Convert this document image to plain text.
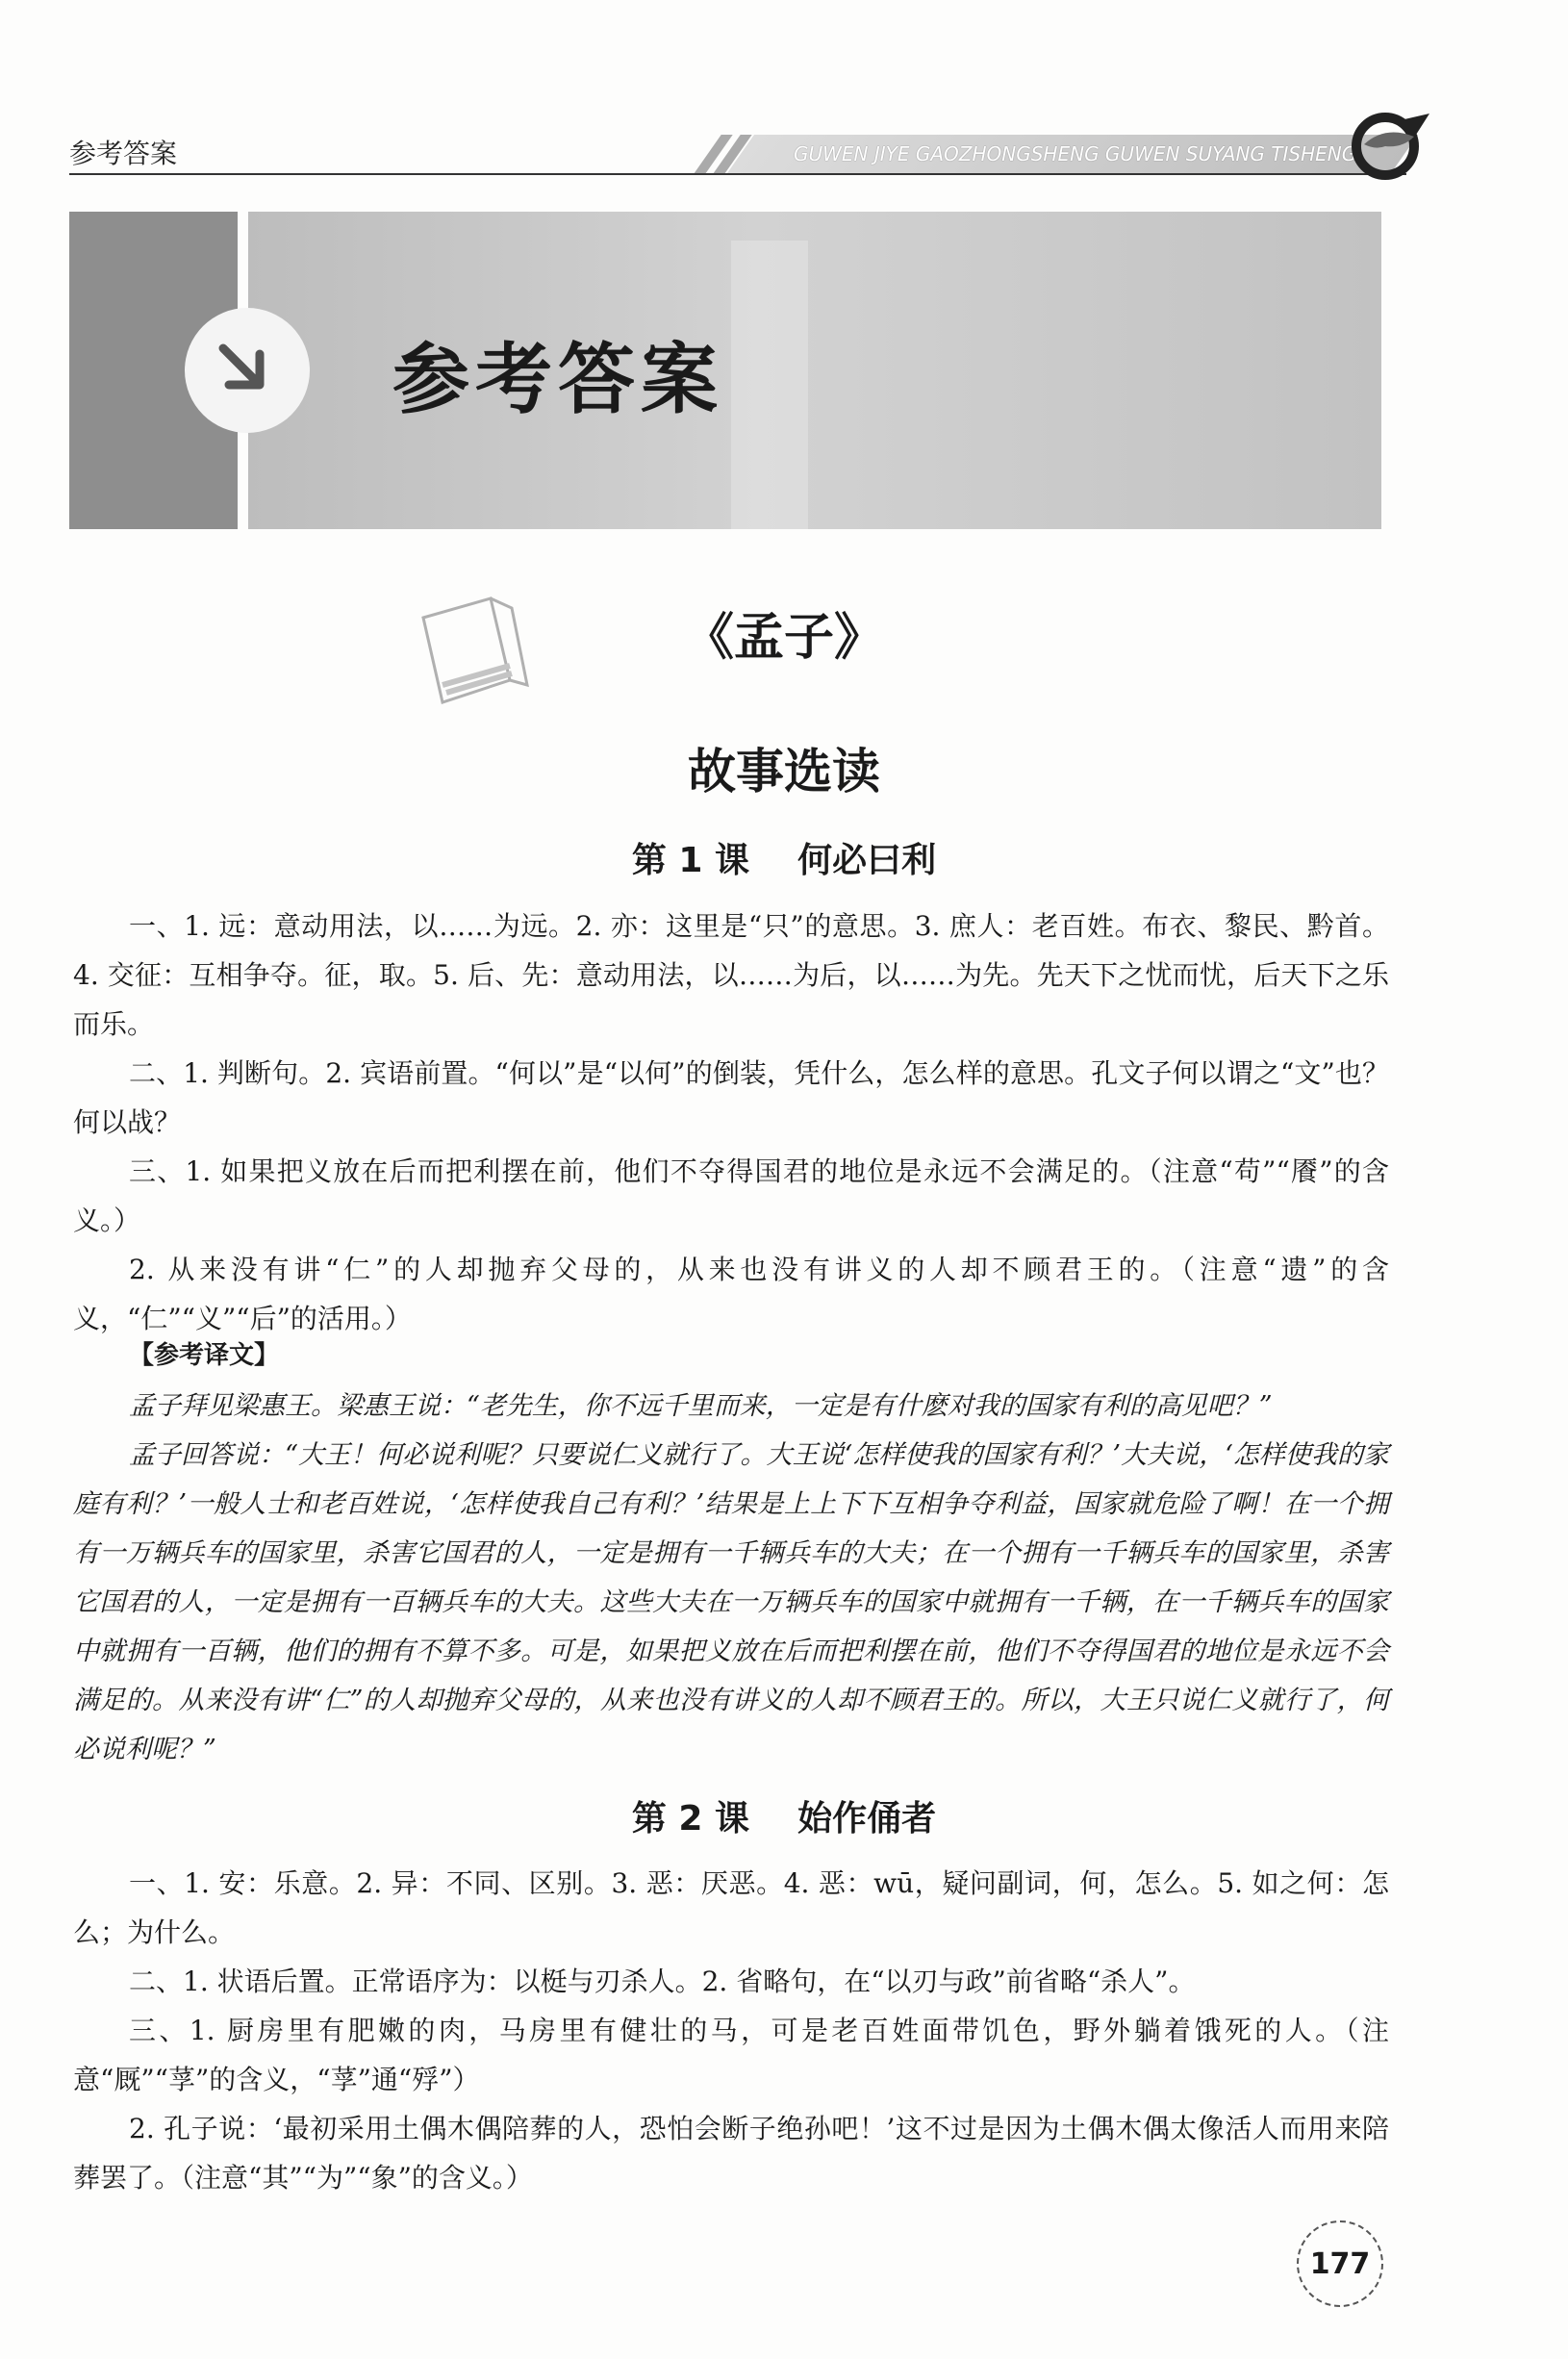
参考答案	GUWEN JIYE GAOZHONGSHENG GUWEN SUYANG TISHENG
参考答案
《孟子》
故事选读
第 1 课    何必曰利

一、1. 远：意动用法，以……为远。2. 亦：这里是“只”的意思。3. 庶人：老百姓。布衣、黎民、黔首。4. 交征：互相争夺。征，取。5. 后、先：意动用法，以……为后，以……为先。先天下之忧而忧，后天下之乐而乐。

二、1. 判断句。2. 宾语前置。“何以”是“以何”的倒装，凭什么，怎么样的意思。孔文子何以谓之“文”也？何以战？

三、1. 如果把义放在后而把利摆在前，他们不夺得国君的地位是永远不会满足的。（注意“苟”“餍”的含义。）

2. 从来没有讲“仁”的人却抛弃父母的，从来也没有讲义的人却不顾君王的。（注意“遗”的含义，“仁”“义”“后”的活用。）

【参考译文】

孟子拜见梁惠王。梁惠王说：“老先生，你不远千里而来，一定是有什麽对我的国家有利的高见吧？”

孟子回答说：“大王！何必说利呢？只要说仁义就行了。大王说‘怎样使我的国家有利？’大夫说，‘怎样使我的家庭有利？’一般人士和老百姓说，‘怎样使我自己有利？’结果是上上下下互相争夺利益，国家就危险了啊！在一个拥有一万辆兵车的国家里，杀害它国君的人，一定是拥有一千辆兵车的大夫；在一个拥有一千辆兵车的国家里，杀害它国君的人，一定是拥有一百辆兵车的大夫。这些大夫在一万辆兵车的国家中就拥有一千辆，在一千辆兵车的国家中就拥有一百辆，他们的拥有不算不多。可是，如果把义放在后而把利摆在前，他们不夺得国君的地位是永远不会满足的。从来没有讲“仁”的人却抛弃父母的，从来也没有讲义的人却不顾君王的。所以，大王只说仁义就行了，何必说利呢？”

第 2 课    始作俑者

一、1. 安：乐意。2. 异：不同、区别。3. 恶：厌恶。4. 恶：wū，疑问副词，何，怎么。5. 如之何：怎么；为什么。

二、1. 状语后置。正常语序为：以梃与刃杀人。2. 省略句，在“以刃与政”前省略“杀人”。

三、1. 厨房里有肥嫩的肉，马房里有健壮的马，可是老百姓面带饥色，野外躺着饿死的人。（注意“厩”“莩”的含义，“莩”通“殍”）

2. 孔子说：‘最初采用土偶木偶陪葬的人，恐怕会断子绝孙吧！’这不过是因为土偶木偶太像活人而用来陪葬罢了。（注意“其”“为”“象”的含义。）

177
